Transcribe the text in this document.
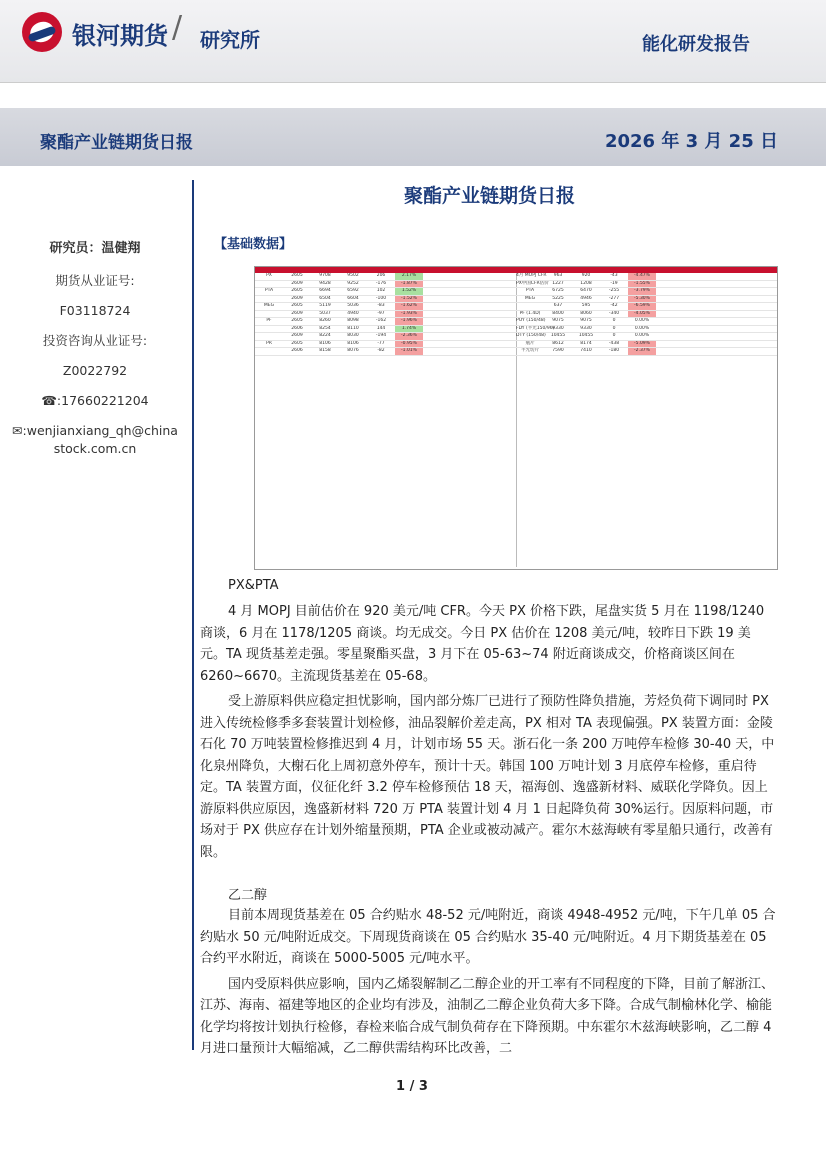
银河期货 / 研究所	能化研发报告
聚酯产业链期货日报	2026 年 3 月 25 日
聚酯产业链期货日报
研究员：温健翔
期货从业证号:
F03118724
投资咨询从业证号:
Z0022792
☎:17660221204
✉:wenjianxiang_qh@china
stock.com.cn
【基础数据】
PX	2605	9708	9502	206	2.17%
2609	9428	9252	-176	-1.87%
PTA	2605	6694	6592	102	1.52%
2609	6504	6604	-100	-1.52%
MEG	2605	5119	5036	-83	-1.62%
2609	5037	4940	-97	-1.93%
PF	2605	8260	8098	-162	-1.96%
2606	8254	8110	144	1.74%
2609	8224	8030	-194	-2.36%
PR	2605	8106	8106	-77	-0.95%
2606	8158	8076	-82	-1.01%
4月 MOPJ CFR 963	920	-43	-4.47%
PX中国CFR估价 1227	1208	-19	-1.55%
PTA	6725	6470	-255	-3.79%
MEG	5225	4946	-277	-5.30%
637	595	-42	-6.59%
PF (1.4D)	8400	8060	-340	-4.05%
POY (150/48) 9075	9075	0	0.00%
FDY (半光150/96)9330	9330	0	0.00%
DTY (150/48) 10455	10455	0	0.00%
瓶片	8612	8174	-438	-5.09%
半光切片	7590	7410	-180	-2.37%
PX&PTA

4 月 MOPJ 目前估价在 920 美元/吨 CFR。今天 PX 价格下跌，尾盘实货 5 月在 1198/1240 商谈，6 月在 1178/1205 商谈。均无成交。今日 PX 估价在 1208 美元/吨，较昨日下跌 19 美元。TA 现货基差走强。零星聚酯买盘，3 月下在 05-63~74 附近商谈成交，价格商谈区间在 6260~6670。主流现货基差在 05-68。

受上游原料供应稳定担忧影响，国内部分炼厂已进行了预防性降负措施，芳烃负荷下调同时 PX 进入传统检修季多套装置计划检修，油品裂解价差走高，PX 相对 TA 表现偏强。PX 装置方面：金陵石化 70 万吨装置检修推迟到 4 月，计划市场 55 天。浙石化一条 200 万吨停车检修 30-40 天，中化泉州降负，大榭石化上周初意外停车，预计十天。韩国 100 万吨计划 3 月底停车检修，重启待定。TA 装置方面，仪征化纤 3.2 停车检修预估 18 天，福海创、逸盛新材料、威联化学降负。因上游原料供应原因，逸盛新材料 720 万 PTA 装置计划 4 月 1 日起降负荷 30%运行。因原料问题，市场对于 PX 供应存在计划外缩量预期，PTA 企业或被动减产。霍尔木兹海峡有零星船只通行，改善有限。

乙二醇

目前本周现货基差在 05 合约贴水 48-52 元/吨附近，商谈 4948-4952 元/吨，下午几单 05 合约贴水 50 元/吨附近成交。下周现货商谈在 05 合约贴水 35-40 元/吨附近。4 月下期货基差在 05 合约平水附近，商谈在 5000-5005 元/吨水平。

国内受原料供应影响，国内乙烯裂解制乙二醇企业的开工率有不同程度的下降，目前了解浙江、江苏、海南、福建等地区的企业均有涉及，油制乙二醇企业负荷大多下降。合成气制榆林化学、榆能化学均将按计划执行检修，春检来临合成气制负荷存在下降预期。中东霍尔木兹海峡影响，乙二醇 4 月进口量预计大幅缩减，乙二醇供需结构环比改善，二

1 / 3
